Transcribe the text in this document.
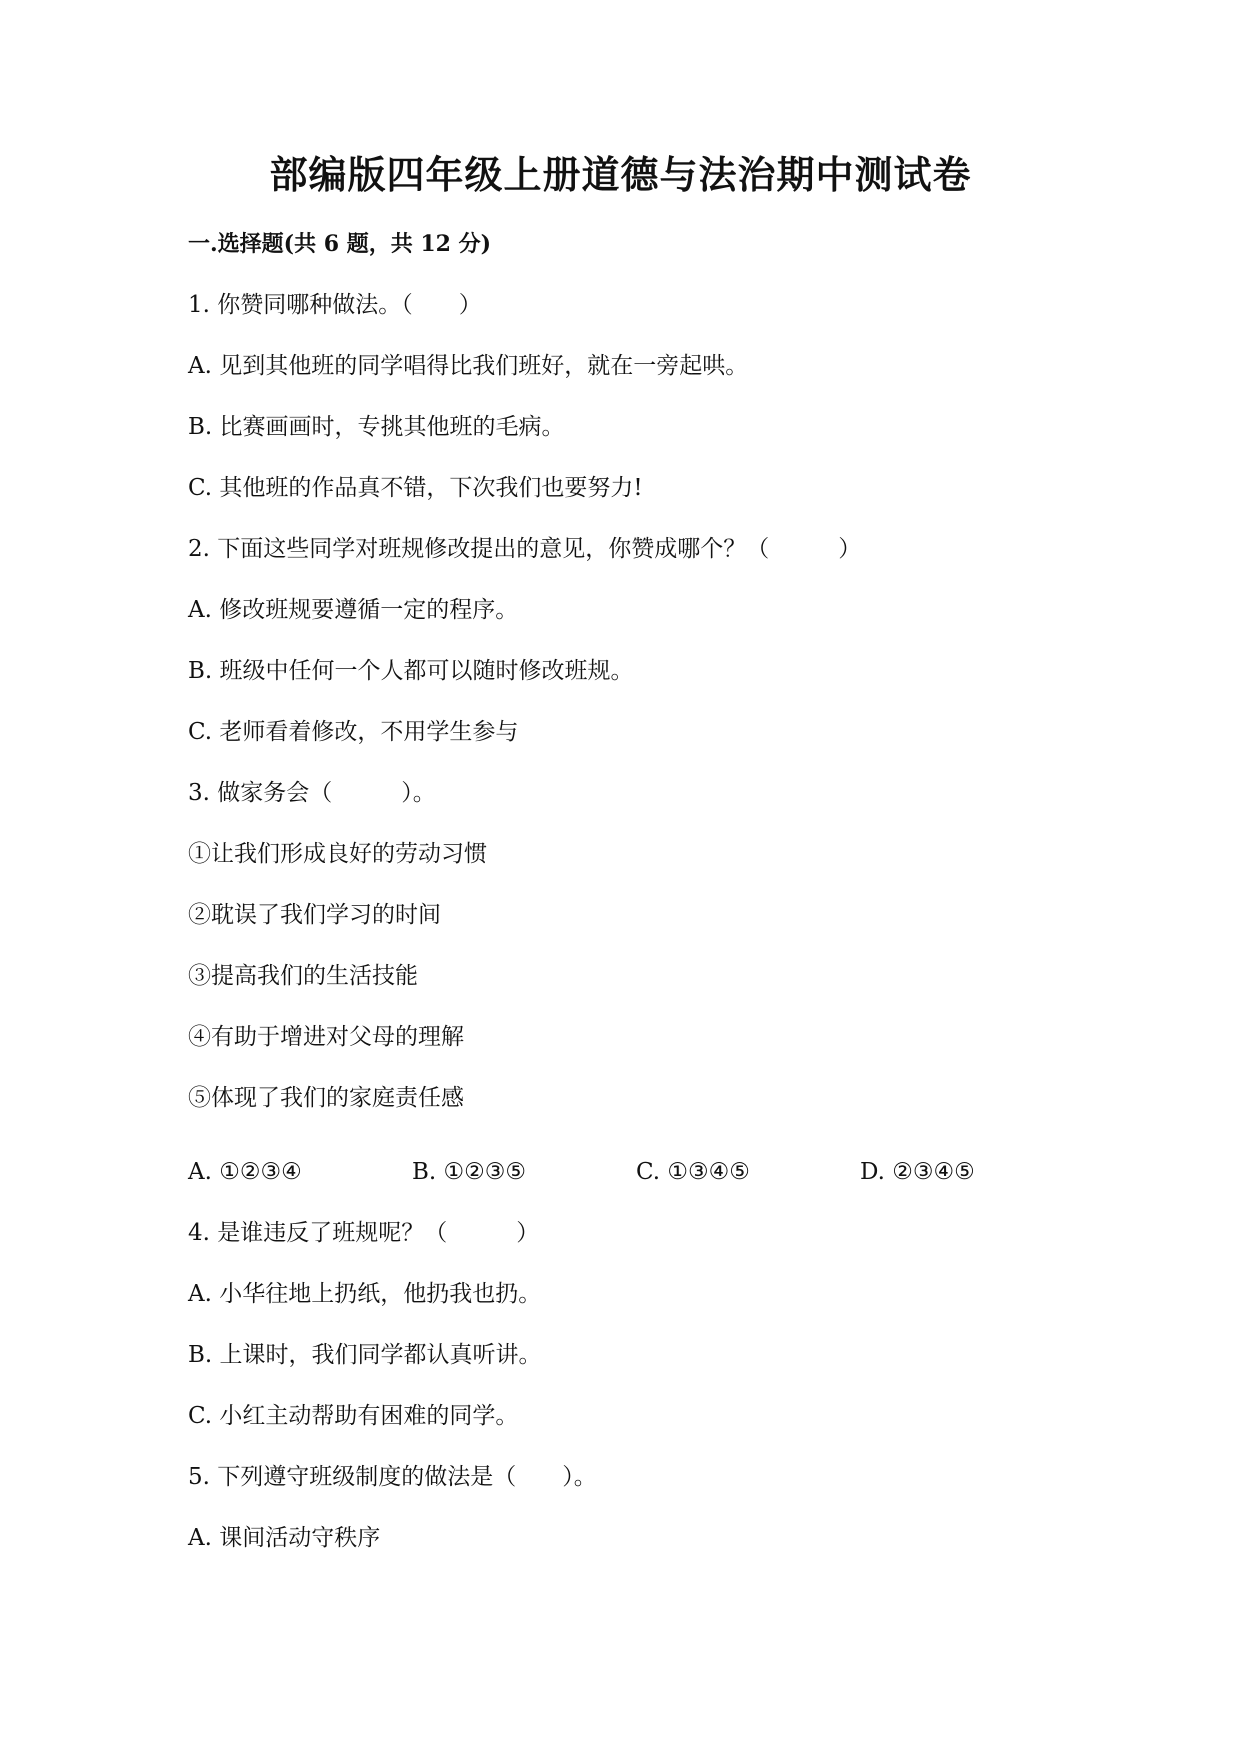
部编版四年级上册道德与法治期中测试卷
一.选择题(共 6 题，共 12 分)
1. 你赞同哪种做法。（　　）
A. 见到其他班的同学唱得比我们班好，就在一旁起哄。
B. 比赛画画时，专挑其他班的毛病。
C. 其他班的作品真不错，下次我们也要努力!
2. 下面这些同学对班规修改提出的意见，你赞成哪个？（　　　）
A. 修改班规要遵循一定的程序。
B. 班级中任何一个人都可以随时修改班规。
C. 老师看着修改，不用学生参与
3. 做家务会（　　　）。
①让我们形成良好的劳动习惯
②耽误了我们学习的时间
③提高我们的生活技能
④有助于增进对父母的理解
⑤体现了我们的家庭责任感
A. ①②③④	B. ①②③⑤	C. ①③④⑤	D. ②③④⑤
4. 是谁违反了班规呢？（　　　）
A. 小华往地上扔纸，他扔我也扔。
B. 上课时，我们同学都认真听讲。
C. 小红主动帮助有困难的同学。
5. 下列遵守班级制度的做法是（　　）。
A. 课间活动守秩序
